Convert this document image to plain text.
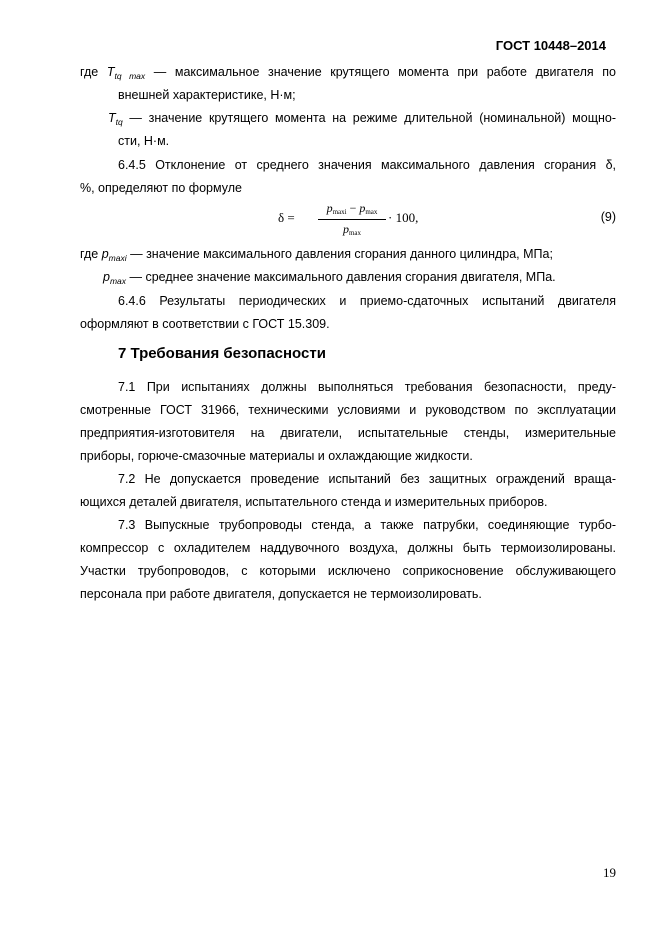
ГОСТ 10448–2014
где $T_{tq max}$ — максимальное значение крутящего момента при работе двигателя по
внешней характеристике, Н·м;
$T_{tq}$ — значение крутящего момента на режиме длительной (номинальной) мощно-
сти, Н·м.
6.4.5 Отклонение от среднего значения максимального давления сгорания δ,
%, определяют по формуле
δ =
pmaxi − pmax
pmax
· 100,	(9)
где $p_{maxi}$ — значение максимального давления сгорания данного цилиндра, МПа;
$p_{max}$ — среднее значение максимального давления сгорания двигателя, МПа.
6.4.6 Результаты периодических и приемо-сдаточных испытаний двигателя
оформляют в соответствии с ГОСТ 15.309.
7 Требования безопасности
7.1 При испытаниях должны выполняться требования безопасности, преду-
смотренные ГОСТ 31966, техническими условиями и руководством по эксплуатации
предприятия-изготовителя на двигатели, испытательные стенды, измерительные
приборы, горюче-смазочные материалы и охлаждающие жидкости.
7.2 Не допускается проведение испытаний без защитных ограждений враща-
ющихся деталей двигателя, испытательного стенда и измерительных приборов.
7.3 Выпускные трубопроводы стенда, а также патрубки, соединяющие турбо-
компрессор с охладителем наддувочного воздуха, должны быть термоизолированы.
Участки трубопроводов, с которыми исключено соприкосновение обслуживающего
персонала при работе двигателя, допускается не термоизолировать.
19
